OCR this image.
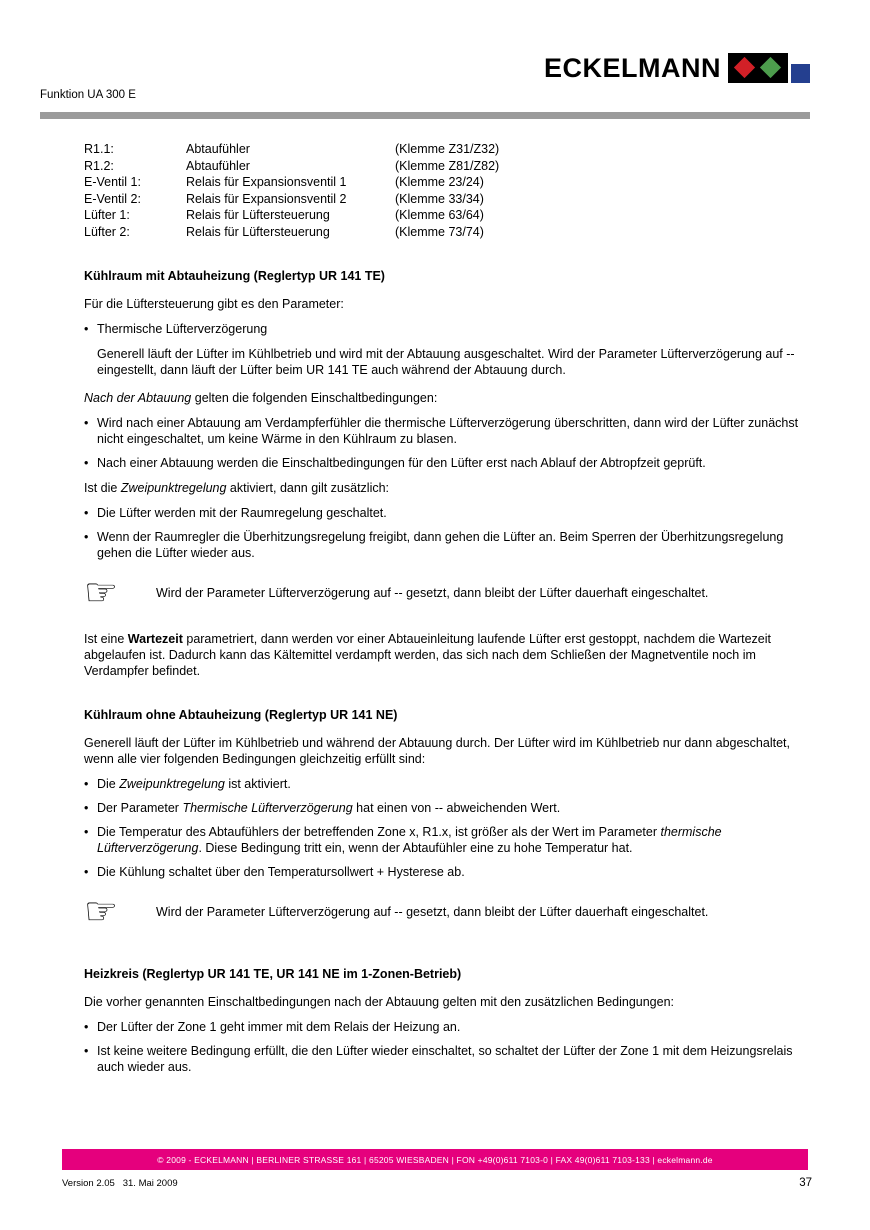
ECKELMANN
Funktion UA 300 E
R1.1:	Abtaufühler	(Klemme Z31/Z32)
R1.2:	Abtaufühler	(Klemme Z81/Z82)
E-Ventil 1:	Relais für Expansionsventil 1	(Klemme 23/24)
E-Ventil 2:	Relais für Expansionsventil 2	(Klemme 33/34)
Lüfter 1:	Relais für Lüftersteuerung	(Klemme 63/64)
Lüfter 2:	Relais für Lüftersteuerung	(Klemme 73/74)
Kühlraum mit Abtauheizung (Reglertyp UR 141 TE)

Für die Lüftersteuerung gibt es den Parameter:

• Thermische Lüfterverzögerung

Generell läuft der Lüfter im Kühlbetrieb und wird mit der Abtauung ausgeschaltet. Wird der Parameter Lüfterverzögerung auf -- eingestellt, dann läuft der Lüfter beim UR 141 TE auch während der Abtauung durch.

Nach der Abtauung gelten die folgenden Einschaltbedingungen:

• Wird nach einer Abtauung am Verdampferfühler die thermische Lüfterverzögerung überschritten, dann wird der Lüfter zunächst nicht eingeschaltet, um keine Wärme in den Kühlraum zu blasen.
• Nach einer Abtauung werden die Einschaltbedingungen für den Lüfter erst nach Ablauf der Abtropfzeit geprüft.

Ist die Zweipunktregelung aktiviert, dann gilt zusätzlich:

• Die Lüfter werden mit der Raumregelung geschaltet.
• Wenn der Raumregler die Überhitzungsregelung freigibt, dann gehen die Lüfter an. Beim Sperren der Überhitzungsregelung gehen die Lüfter wieder aus.
☞	Wird der Parameter Lüfterverzögerung auf -- gesetzt, dann bleibt der Lüfter dauerhaft eingeschaltet.

Ist eine Wartezeit parametriert, dann werden vor einer Abtaueinleitung laufende Lüfter erst gestoppt, nachdem die Wartezeit abgelaufen ist. Dadurch kann das Kältemittel verdampft werden, das sich nach dem Schließen der Magnetventile noch im Verdampfer befindet.

Kühlraum ohne Abtauheizung (Reglertyp UR 141 NE)

Generell läuft der Lüfter im Kühlbetrieb und während der Abtauung durch. Der Lüfter wird im Kühlbetrieb nur dann abgeschaltet, wenn alle vier folgenden Bedingungen gleichzeitig erfüllt sind:

• Die Zweipunktregelung ist aktiviert.
• Der Parameter Thermische Lüfterverzögerung hat einen von -- abweichenden Wert.
• Die Temperatur des Abtaufühlers der betreffenden Zone x, R1.x, ist größer als der Wert im Parameter thermische Lüfterverzögerung. Diese Bedingung tritt ein, wenn der Abtaufühler eine zu hohe Temperatur hat.
• Die Kühlung schaltet über den Temperatursollwert + Hysterese ab.
☞	Wird der Parameter Lüfterverzögerung auf -- gesetzt, dann bleibt der Lüfter dauerhaft eingeschaltet.

Heizkreis (Reglertyp UR 141 TE, UR 141 NE im 1-Zonen-Betrieb)

Die vorher genannten Einschaltbedingungen nach der Abtauung gelten mit den zusätzlichen Bedingungen:

• Der Lüfter der Zone 1 geht immer mit dem Relais der Heizung an.
• Ist keine weitere Bedingung erfüllt, die den Lüfter wieder einschaltet, so schaltet der Lüfter der Zone 1 mit dem Heizungsrelais auch wieder aus.
© 2009 - ECKELMANN | BERLINER STRASSE 161 | 65205 WIESBADEN | FON +49(0)611 7103-0 | FAX 49(0)611 7103-133 | eckelmann.de
Version 2.05   31. Mai 2009	37
